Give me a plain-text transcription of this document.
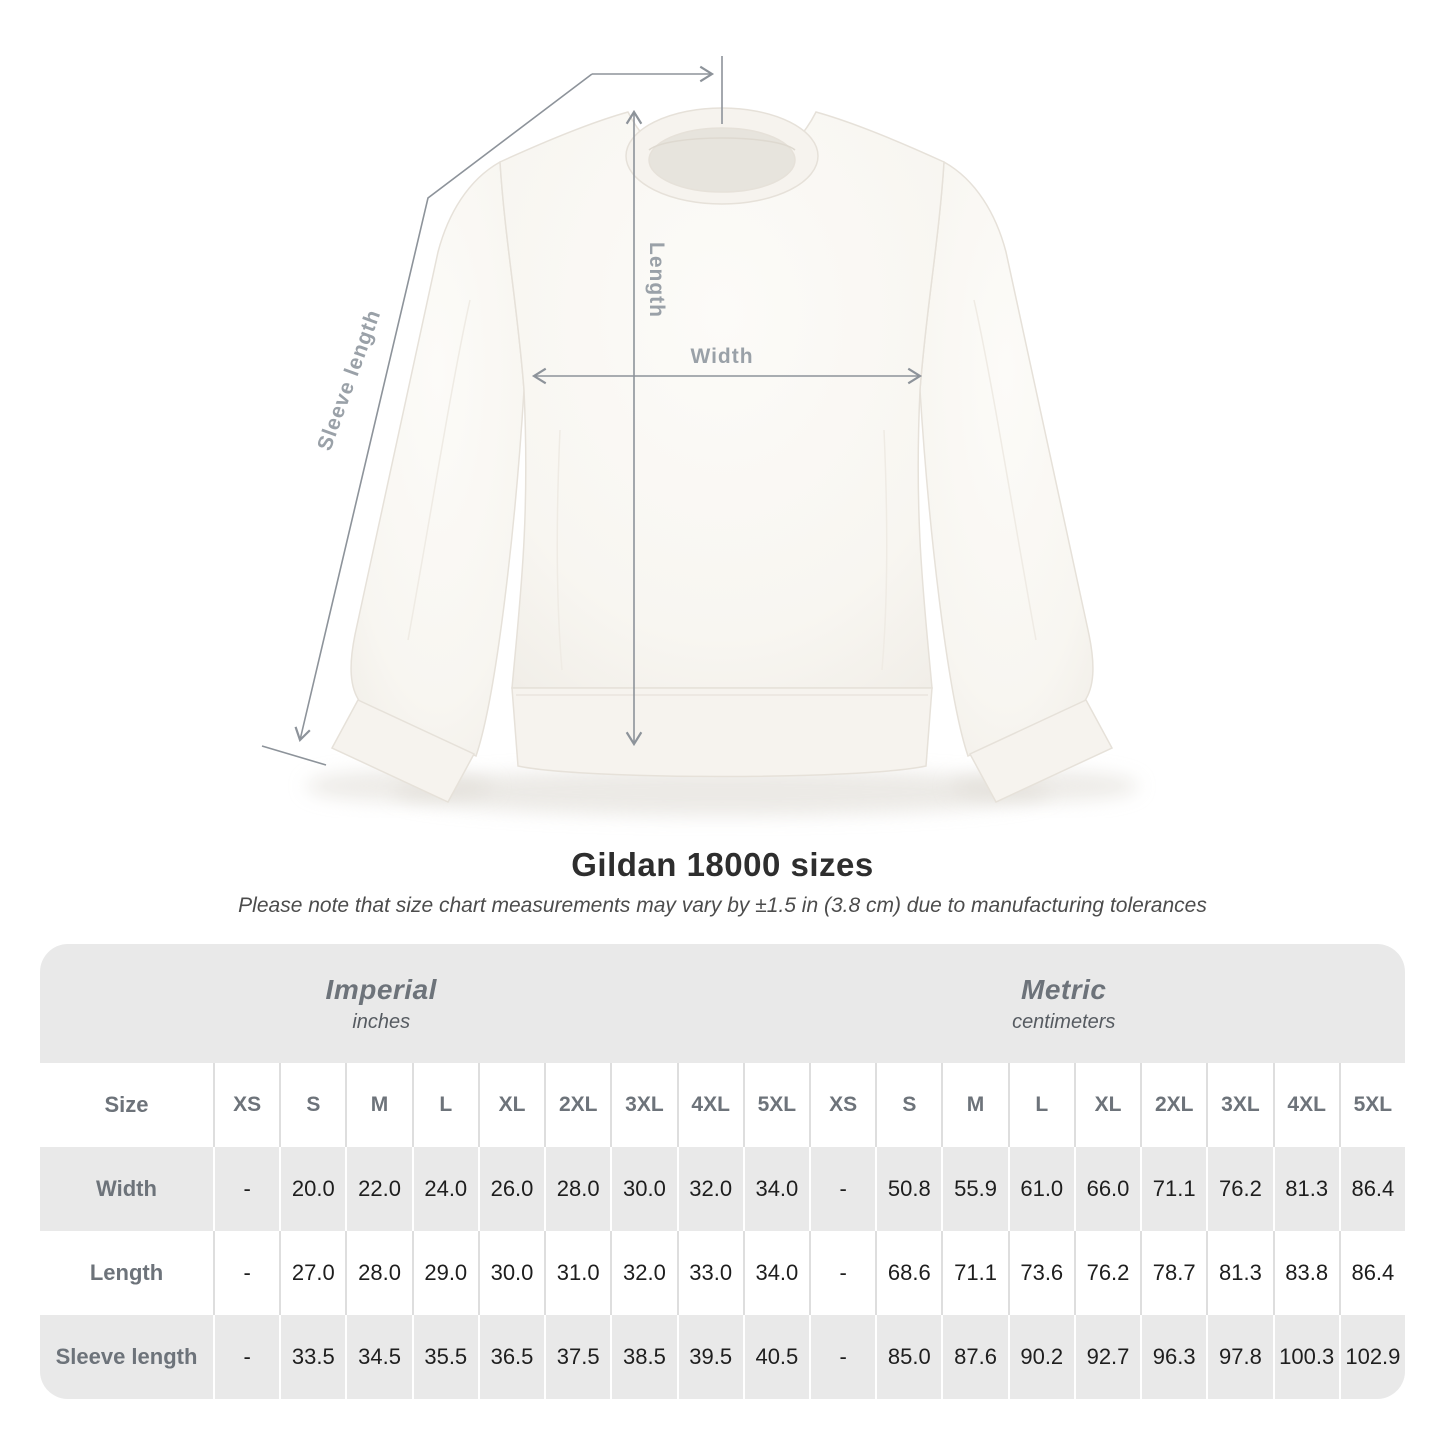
Length
Width
Sleeve length
Gildan 18000 sizes
Please note that size chart measurements may vary by ±1.5 in (3.8 cm) due to manufacturing tolerances
Imperial
inches
Metric
centimeters
Size	XS	S	M	L	XL	2XL	3XL	4XL	5XL	XS	S	M	L	XL	2XL	3XL	4XL	5XL
Width	-	20.0	22.0	24.0	26.0	28.0	30.0	32.0	34.0	-	50.8	55.9	61.0	66.0	71.1	76.2	81.3	86.4
Length	-	27.0	28.0	29.0	30.0	31.0	32.0	33.0	34.0	-	68.6	71.1	73.6	76.2	78.7	81.3	83.8	86.4
Sleeve length	-	33.5	34.5	35.5	36.5	37.5	38.5	39.5	40.5	-	85.0	87.6	90.2	92.7	96.3	97.8 100.3 102.9
